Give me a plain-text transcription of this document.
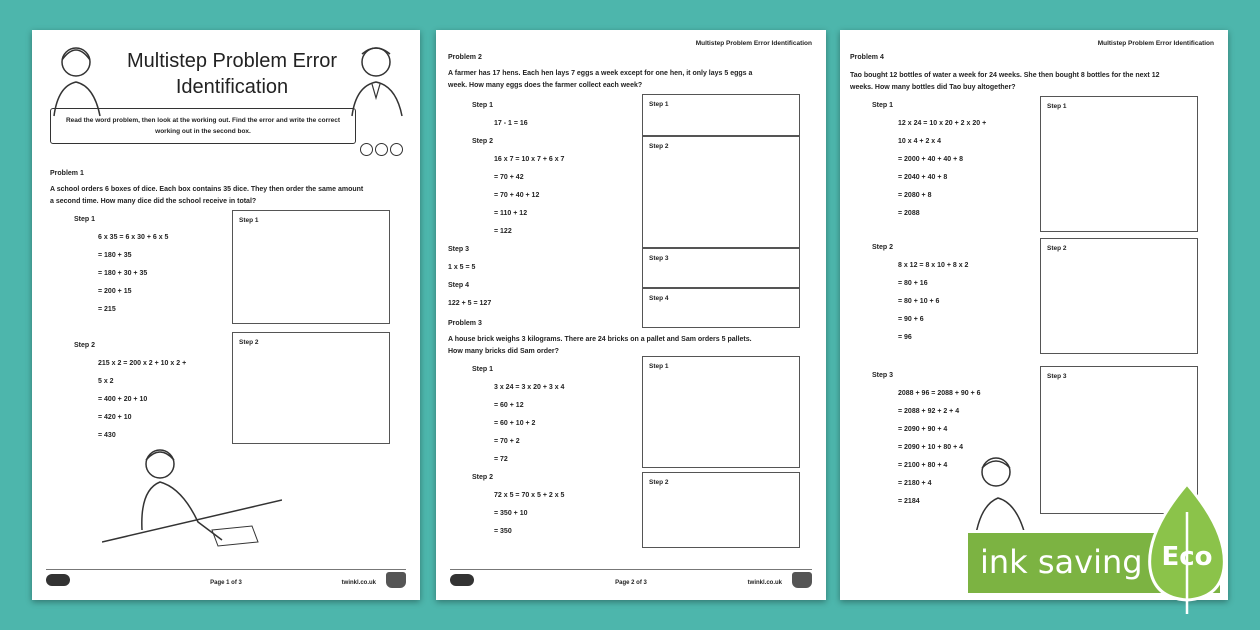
Multistep Problem Error
Identification
Read the word problem, then look at the working out. Find the error and write the correct working out in the second box.
Problem 1
A school orders 6 boxes of dice. Each box contains 35 dice. They then order the same amount
a second time. How many dice did the school receive in total?
Step 1
6 x 35 = 6 x 30 + 6 x 5
= 180 + 35
= 180 + 30 + 35
= 200 + 15
= 215
Step 1
Step 2
215 x 2 = 200 x 2 + 10 x 2 +
5 x 2
= 400 + 20 + 10
= 420 + 10
= 430
Step 2
Page 1 of 3	twinkl.co.uk
Multistep Problem Error Identification
Problem 2
A farmer has 17 hens. Each hen lays 7 eggs a week except for one hen, it only lays 5 eggs a
week. How many eggs does the farmer collect each week?
Step 1
17 - 1 = 16
Step 1
Step 2
16 x 7 = 10 x 7 + 6 x 7
= 70 + 42
= 70 + 40 + 12
= 110 + 12
= 122
Step 2
Step 3
1 x 5 = 5
Step 3
Step 4
122 + 5 = 127
Step 4
Problem 3
A house brick weighs 3 kilograms. There are 24 bricks on a pallet and Sam orders 5 pallets.
How many bricks did Sam order?
Step 1
3 x 24 = 3 x 20 + 3 x 4
= 60 + 12
= 60 + 10 + 2
= 70 + 2
= 72
Step 1
Step 2
72 x 5 = 70 x 5 + 2 x 5
= 350 + 10
= 350
Step 2
Page 2 of 3	twinkl.co.uk
Multistep Problem Error Identification
Problem 4
Tao bought 12 bottles of water a week for 24 weeks. She then bought 8 bottles for the next 12
weeks. How many bottles did Tao buy altogether?
Step 1
12 x 24 = 10 x 20 + 2 x 20 +
10 x 4 + 2 x 4
= 2000 + 40 + 40 + 8
= 2040 + 40 + 8
= 2080 + 8
= 2088
Step 1
Step 2
8 x 12 = 8 x 10 + 8 x 2
= 80 + 16
= 80 + 10 + 6
= 90 + 6
= 96
Step 2
Step 3
2088 + 96 = 2088 + 90 + 6
= 2088 + 92 + 2 + 4
= 2090 + 90 + 4
= 2090 + 10 + 80 + 4
= 2100 + 80 + 4
= 2180 + 4
= 2184
Step 3
ink saving Eco
